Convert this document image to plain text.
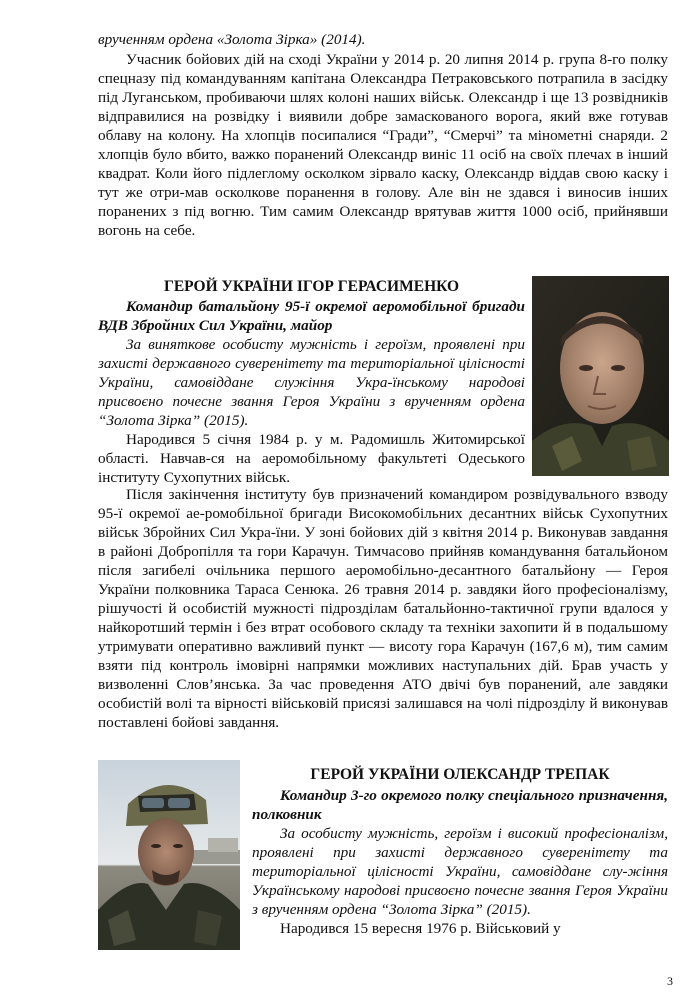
врученням ордена «Золота Зірка» (2014).

Учасник бойових дій на сході України у 2014 р. 20 липня 2014 р. група 8-го полку спецназу під командуванням капітана Олександра Петраковського потрапила в засідку під Луганськом, пробиваючи шлях колоні наших військ. Олександр і ще 13 розвідників відправилися на розвідку і виявили добре замаскованого ворога, який вже готував облаву на колону. На хлопців посипалися “Гради”, “Смерчі” та мінометні снаряди. 2 хлопців було вбито, важко поранений Олександр виніс 11 осіб на своїх плечах в інший квадрат. Коли його підлеглому осколком зірвало каску, Олександр віддав свою каску і тут же отри-мав осколкове поранення в голову. Але він не здався і виносив інших поранених з під вогню. Тим самим Олександр врятував життя 1000 осіб, прийнявши вогонь на себе.

ГЕРОЙ УКРАЇНИ ІГОР ГЕРАСИМЕНКО

Командир батальйону 95-ї окремої аеромобільної бригади ВДВ Збройних Сил України, майор

За виняткове особисту мужність і героїзм, проявлені при захисті державного суверенітету та територіальної цілісності України, самовіддане служіння Укра-їнському народові присвоєно почесне звання Героя України з врученням ордена “Золота Зірка” (2015).

Народився 5 січня 1984 р. у м. Радомишль Житомирської області. Навчав-ся на аеромобільному факультеті Одеського інституту Сухопутних військ.

Після закінчення інституту був призначений командиром розвідувального взводу 95-ї окремої ае-ромобільної бригади Високомобільних десантних військ Сухопутних військ Збройних Сил Укра-їни. У зоні бойових дій з квітня 2014 р. Виконував завдання в районі Добропілля та гори Карачун. Тимчасово прийняв командування батальйоном після загибелі очільника першого аеромобільно-десантного батальйону — Героя України полковника Тараса Сенюка. 26 травня 2014 р. завдяки його професіоналізму, рішучості й особистій мужності підрозділам батальйонно-тактичної групи вдалося у найкоротший термін і без втрат особового складу та техніки захопити й в подальшому утримувати оперативно важливий пункт — висоту гора Карачун (167,6 м), тим самим взяти під контроль імовірні напрямки можливих наступальних дій. Брав участь у визволенні Слов’янська. За час проведення АТО двічі був поранений, але завдяки особистій волі та вірності військовій присязі залишався на чолі підрозділу й виконував поставлені бойові завдання.

ГЕРОЙ УКРАЇНИ ОЛЕКСАНДР ТРЕПАК

Командир 3-го окремого полку спеціального призначення, полковник

За особисту мужність, героїзм і високий професіоналізм, проявлені при захисті державного суверенітету та територіальної цілісності України, самовіддане слу-жіння Українському народові присвоєно почесне звання Героя України з врученням ордена “Золота Зірка” (2015).

Народився 15 вересня 1976 р. Військовий у

3
